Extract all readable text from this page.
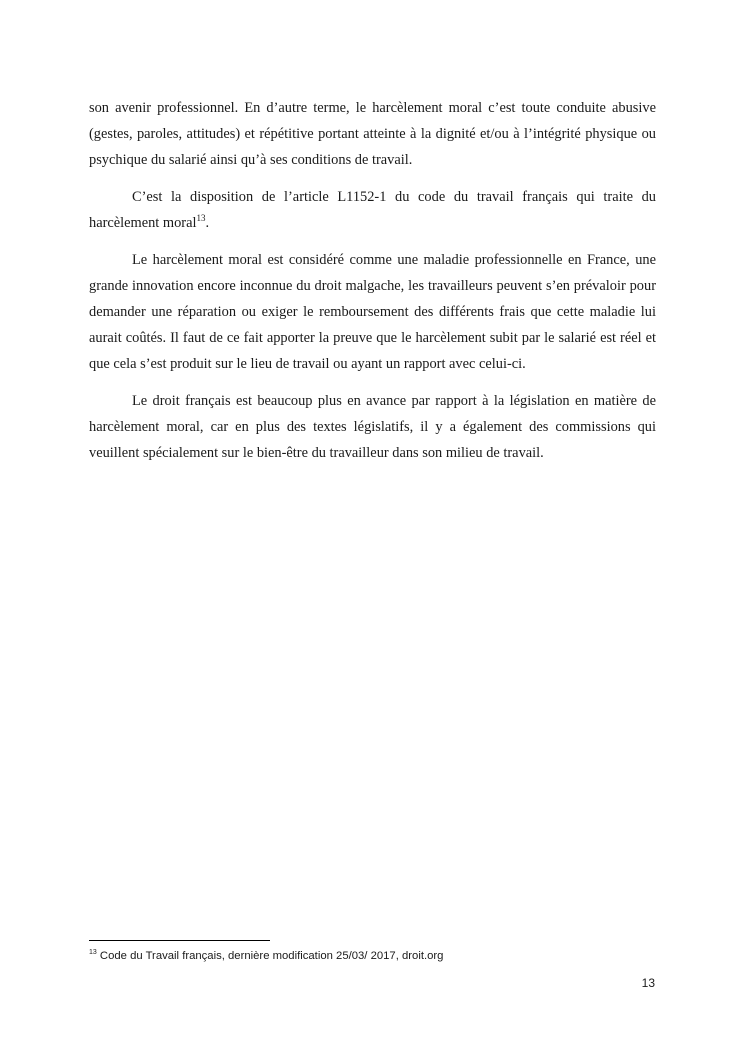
son avenir professionnel. En d’autre terme, le harcèlement moral c’est toute conduite abusive (gestes, paroles, attitudes) et répétitive portant atteinte à la dignité et/ou à l’intégrité physique ou psychique du salarié ainsi qu’à ses conditions de travail.

C’est la disposition de l’article L1152-1 du code du travail français qui traite du harcèlement moral$^{13}$.

Le harcèlement moral est considéré comme une maladie professionnelle en France, une grande innovation encore inconnue du droit malgache, les travailleurs peuvent s’en prévaloir pour demander une réparation ou exiger le remboursement des différents frais que cette maladie lui aurait coûtés. Il faut de ce fait apporter la preuve que le harcèlement subit par le salarié est réel et que cela s’est produit sur le lieu de travail ou ayant un rapport avec celui-ci.

Le droit français est beaucoup plus en avance par rapport à la législation en matière de harcèlement moral, car en plus des textes législatifs, il y a également des commissions qui veuillent spécialement sur le bien-être du travailleur dans son milieu de travail.

$^{13}$ Code du Travail français, dernière modification 25/03/ 2017, droit.org
13
